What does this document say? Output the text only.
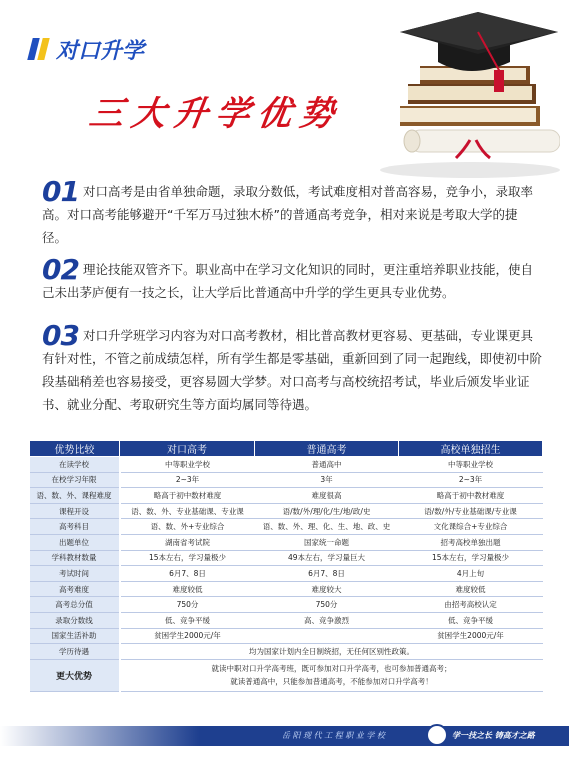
对口升学
三大升学优势
01 对口高考是由省单独命题，录取分数低，考试难度相对普高容易，竞争小，录取率高。对口高考能够避开“千军万马过独木桥”的普通高考竞争，相对来说是考取大学的捷径。
02 理论技能双管齐下。职业高中在学习文化知识的同时，更注重培养职业技能，使自己未出茅庐便有一技之长，让大学后比普通高中升学的学生更具专业优势。
03 对口升学班学习内容为对口高考教材，相比普高教材更容易、更基础，专业课更具有针对性，不管之前成绩怎样，所有学生都是零基础，重新回到了同一起跑线，即使初中阶段基础稍差也容易接受，更容易圆大学梦。对口高考与高校统招考试，毕业后颁发毕业证书、就业分配、考取研究生等方面均属同等待遇。
优势比较	对口高考	普通高考	高校单独招生
在读学校	中等职业学校	普通高中	中等职业学校
在校学习年限	2~3年	3年	2~3年
语、数、外、课程难度	略高于初中数材难度	难度很高	略高于初中教材难度
课程开设	语、数、外、专业基础课、专业课	语/数/外/理/化/生/地/政/史	语/数/外/专业基础课/专业课
高考科目	语、数、外+专业综合	语、数、外、理、化、生、地、政、史	文化课综合+专业综合
出题单位	湖南省考试院	国家统一命题	招考高校单独出题
学科教材数量	15本左右，学习量极少	49本左右，学习量巨大	15本左右，学习量极少
考试时间	6月7、8日	6月7、8日	4月上旬
高考难度	难度较低	难度较大	难度较低
高考总分值	750分	750分	由招考高校认定
录取分数线	低、竞争平缓	高、竞争激烈	低、竞争平缓
国家生活补助	贫困学生2000元/年		贫困学生2000元/年
学历待遇	均为国家计划内全日制统招，无任何区别性政策。		
更大优势	就读中职对口升学高考班，既可参加对口升学高考，也可参加普通高考；
就读普通高中，只能参加普通高考，不能参加对口升学高考！		
岳 阳 现 代 工 程 职 业 学 校	学一技之长 铸高才之路
